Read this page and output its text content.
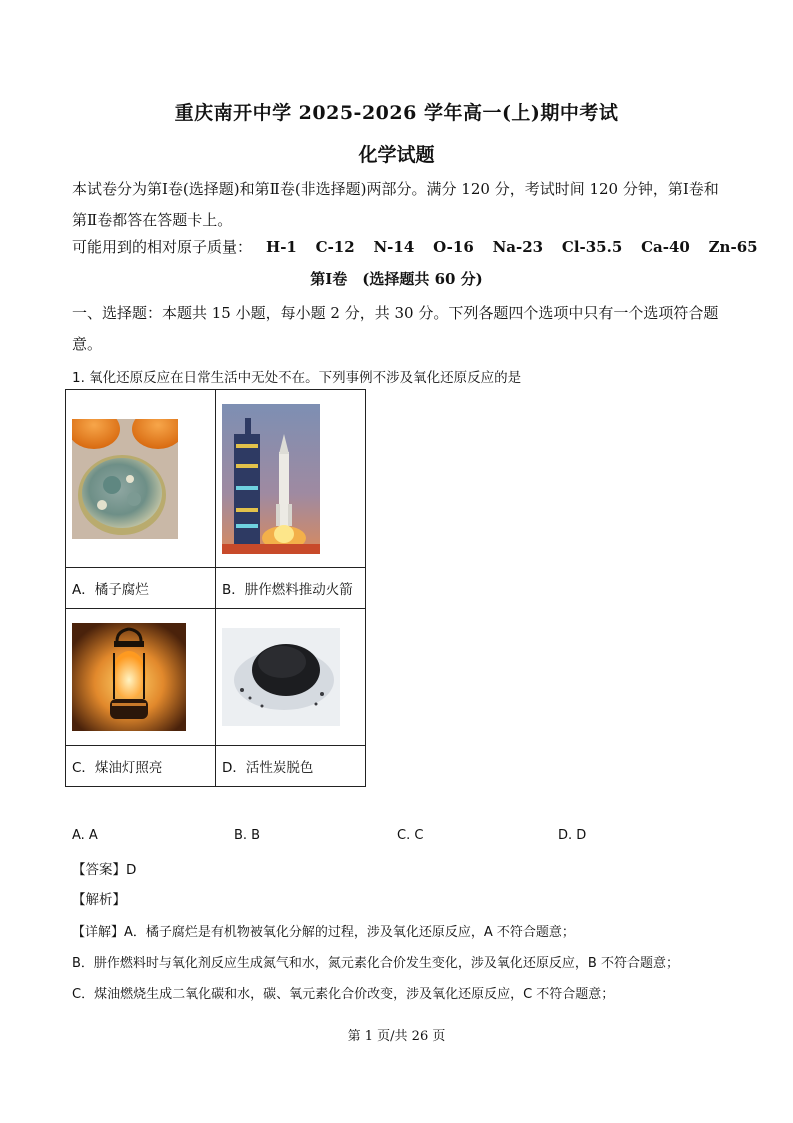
重庆南开中学 2025-2026 学年高一(上)期中考试
化学试题
本试卷分为第Ⅰ卷(选择题)和第Ⅱ卷(非选择题)两部分。满分 120 分，考试时间 120 分钟，第Ⅰ卷和第Ⅱ卷都答在答题卡上。
可能用到的相对原子质量： H-1 C-12 N-14 O-16 Na-23 Cl-35.5 Ca-40 Zn-65
第Ⅰ卷　(选择题共 60 分)
一、选择题：本题共 15 小题，每小题 2 分，共 30 分。下列各题四个选项中只有一个选项符合题意。
1. 氧化还原反应在日常生活中无处不在。下列事例不涉及氧化还原反应的是

A．橘子腐烂	B．肼作燃料推动火箭

C．煤油灯照亮	D．活性炭脱色
A. A	B. B	C. C	D. D
【答案】D
【解析】
【详解】A．橘子腐烂是有机物被氧化分解的过程，涉及氧化还原反应，A 不符合题意；
B．肼作燃料时与氧化剂反应生成氮气和水，氮元素化合价发生变化，涉及氧化还原反应，B 不符合题意；
C．煤油燃烧生成二氧化碳和水，碳、氧元素化合价改变，涉及氧化还原反应，C 不符合题意；
第 1 页/共 26 页
